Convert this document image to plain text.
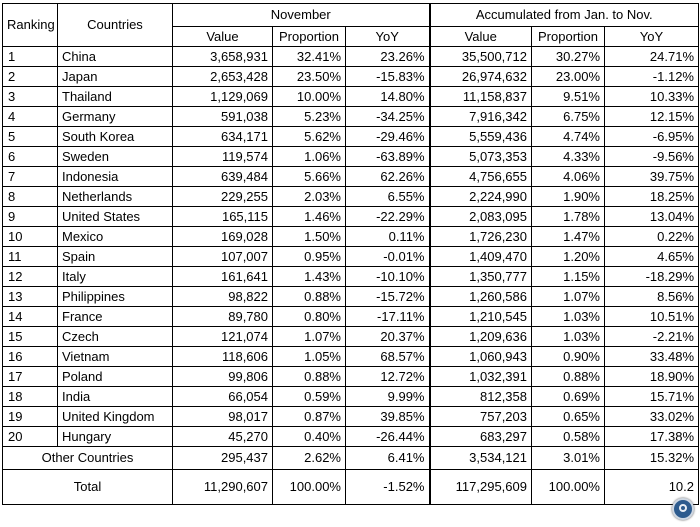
Ranking	Countries	November			Accumulated from Jan. to Nov.		
		Value	Proportion	YoY	Value	Proportion	YoY
1	China	3,658,931	32.41%	23.26%	35,500,712	30.27%	24.71%
2	Japan	2,653,428	23.50%	-15.83%	26,974,632	23.00%	-1.12%
3	Thailand	1,129,069	10.00%	14.80%	11,158,837	9.51%	10.33%
4	Germany	591,038	5.23%	-34.25%	7,916,342	6.75%	12.15%
5	South Korea	634,171	5.62%	-29.46%	5,559,436	4.74%	-6.95%
6	Sweden	119,574	1.06%	-63.89%	5,073,353	4.33%	-9.56%
7	Indonesia	639,484	5.66%	62.26%	4,756,655	4.06%	39.75%
8	Netherlands	229,255	2.03%	6.55%	2,224,990	1.90%	18.25%
9	United States	165,115	1.46%	-22.29%	2,083,095	1.78%	13.04%
10	Mexico	169,028	1.50%	0.11%	1,726,230	1.47%	0.22%
11	Spain	107,007	0.95%	-0.01%	1,409,470	1.20%	4.65%
12	Italy	161,641	1.43%	-10.10%	1,350,777	1.15%	-18.29%
13	Philippines	98,822	0.88%	-15.72%	1,260,586	1.07%	8.56%
14	France	89,780	0.80%	-17.11%	1,210,545	1.03%	10.51%
15	Czech	121,074	1.07%	20.37%	1,209,636	1.03%	-2.21%
16	Vietnam	118,606	1.05%	68.57%	1,060,943	0.90%	33.48%
17	Poland	99,806	0.88%	12.72%	1,032,391	0.88%	18.90%
18	India	66,054	0.59%	9.99%	812,358	0.69%	15.71%
19	United Kingdom	98,017	0.87%	39.85%	757,203	0.65%	33.02%
20	Hungary	45,270	0.40%	-26.44%	683,297	0.58%	17.38%
Other Countries		295,437	2.62%	6.41%	3,534,121	3.01%	15.32%
Total		11,290,607	100.00%	-1.52%	117,295,609	100.00%	10.2
